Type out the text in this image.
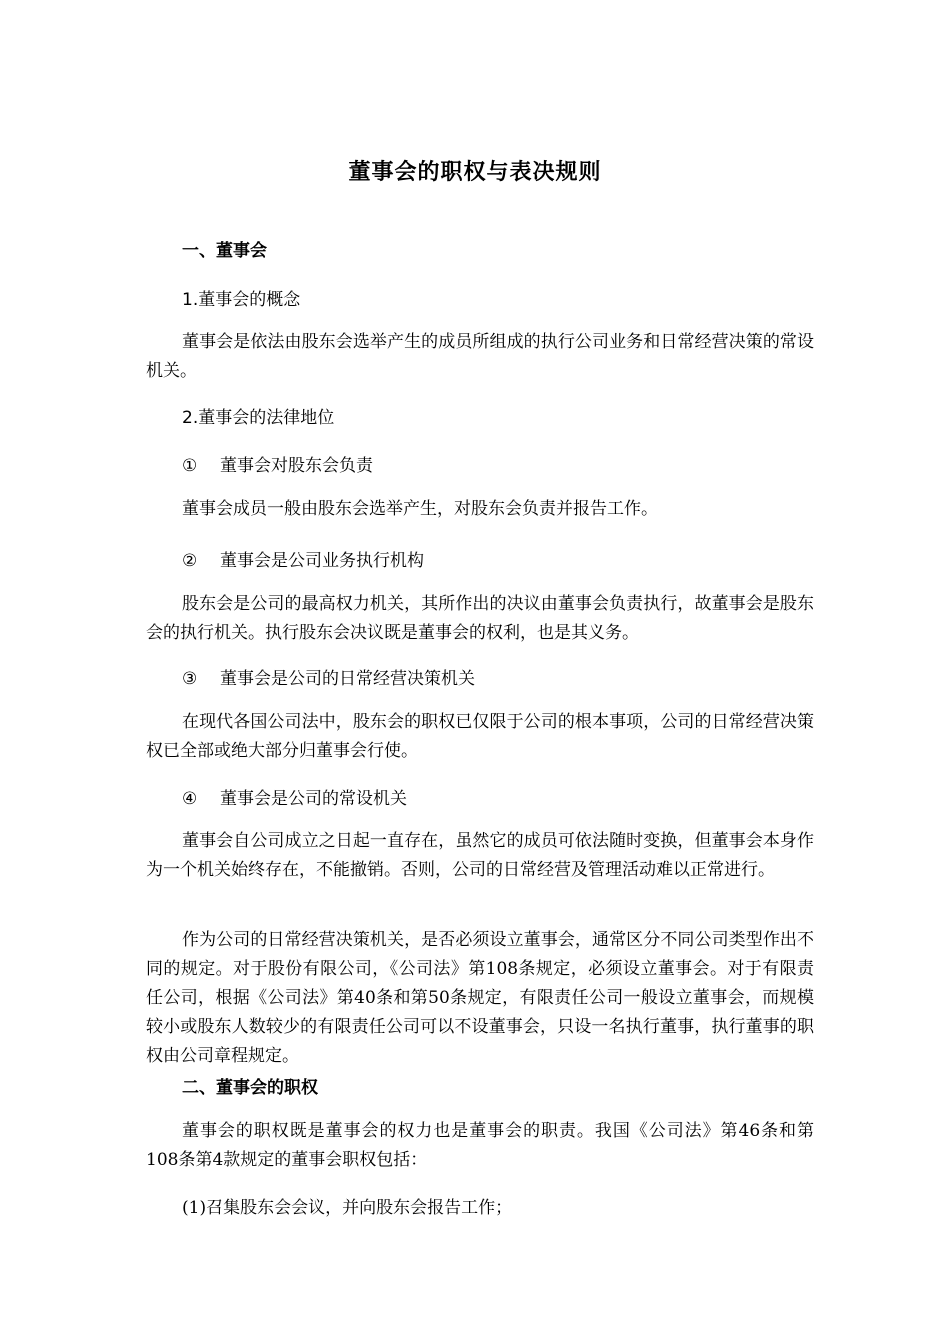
董事会的职权与表决规则

一、董事会

1.董事会的概念

董事会是依法由股东会选举产生的成员所组成的执行公司业务和日常经营决策的常设机关。

2.董事会的法律地位

① 董事会对股东会负责

董事会成员一般由股东会选举产生，对股东会负责并报告工作。

② 董事会是公司业务执行机构

股东会是公司的最高权力机关，其所作出的决议由董事会负责执行，故董事会是股东会的执行机关。执行股东会决议既是董事会的权利，也是其义务。

③ 董事会是公司的日常经营决策机关

在现代各国公司法中，股东会的职权已仅限于公司的根本事项，公司的日常经营决策权已全部或绝大部分归董事会行使。

④ 董事会是公司的常设机关

董事会自公司成立之日起一直存在，虽然它的成员可依法随时变换，但董事会本身作为一个机关始终存在，不能撤销。否则，公司的日常经营及管理活动难以正常进行。

作为公司的日常经营决策机关，是否必须设立董事会，通常区分不同公司类型作出不同的规定。对于股份有限公司，《公司法》第108条规定，必须设立董事会。对于有限责任公司，根据《公司法》第40条和第50条规定，有限责任公司一般设立董事会，而规模较小或股东人数较少的有限责任公司可以不设董事会，只设一名执行董事，执行董事的职权由公司章程规定。

二、董事会的职权

董事会的职权既是董事会的权力也是董事会的职责。我国《公司法》第46条和第108条第4款规定的董事会职权包括：

(1)召集股东会会议，并向股东会报告工作；
